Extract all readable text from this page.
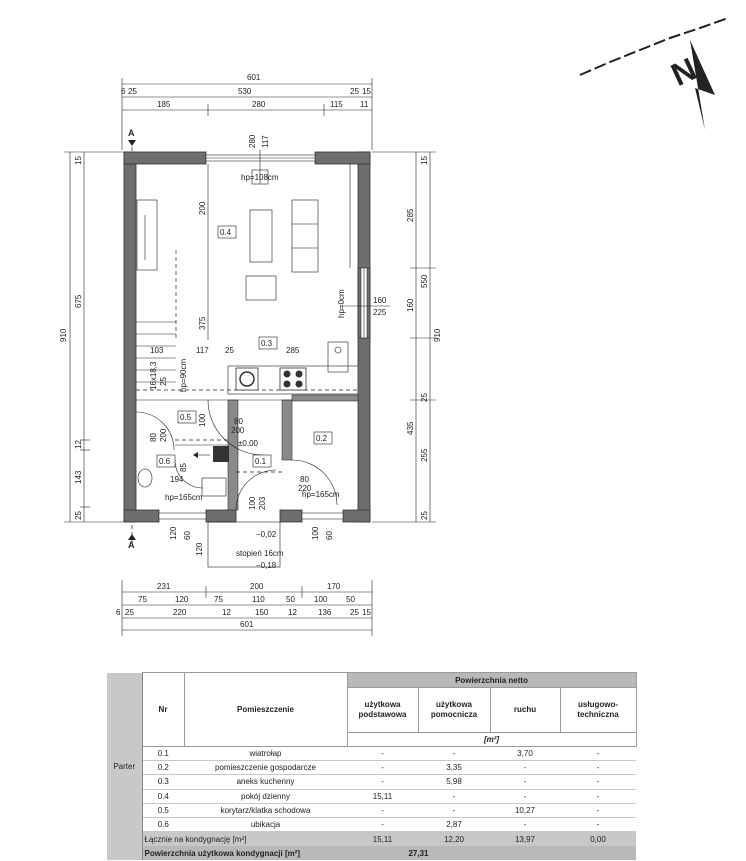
601
6 25	530	25 15
185	280	115 11
A
A
0.4
0.3
0.5
0.2
0.6	0.1
280 117
hp=108cm
200
375
103	117 25	285
160
225
hp=0cm
hp=90cm
16x18,3 25
80 200
100
±0,00
80
200
194
hp=165cm
85
80
220
hp=165cm
100 203
120 60
120
100 60
−0,02
stopień 16cm
−0,18
910
675
12
143
15
25
910
285
550
160
25
435
255
25
15
231	200	170
75	120	75	110	50 100 50
6 25	220	12	150 12	136 25 15
601
N
Parter	Nr	Pomieszczenie	Powierzchnia netto			
			użytkowa podstawowa	użytkowa pomocnicza	ruchu	usługowo-techniczna
			[m²]			
	0.1	wiatrołap	-	-	3,70	-
	0.2	pomieszczenie gospodarcze	-	3,35	-	-
	0.3	aneks kuchenny	-	5,98	-	-
	0.4	pokój dzienny	15,11	-	-	-
	0.5	korytarz/klatka schodowa	-	-	10,27	-
	0.6	ubikacja	-	2,87	-	-
	Łącznie na kondygnację [m²]		15,11	12,20	13,97	0,00
	Powierzchnia użytkowa kondygnacji [m²]		27,31			
